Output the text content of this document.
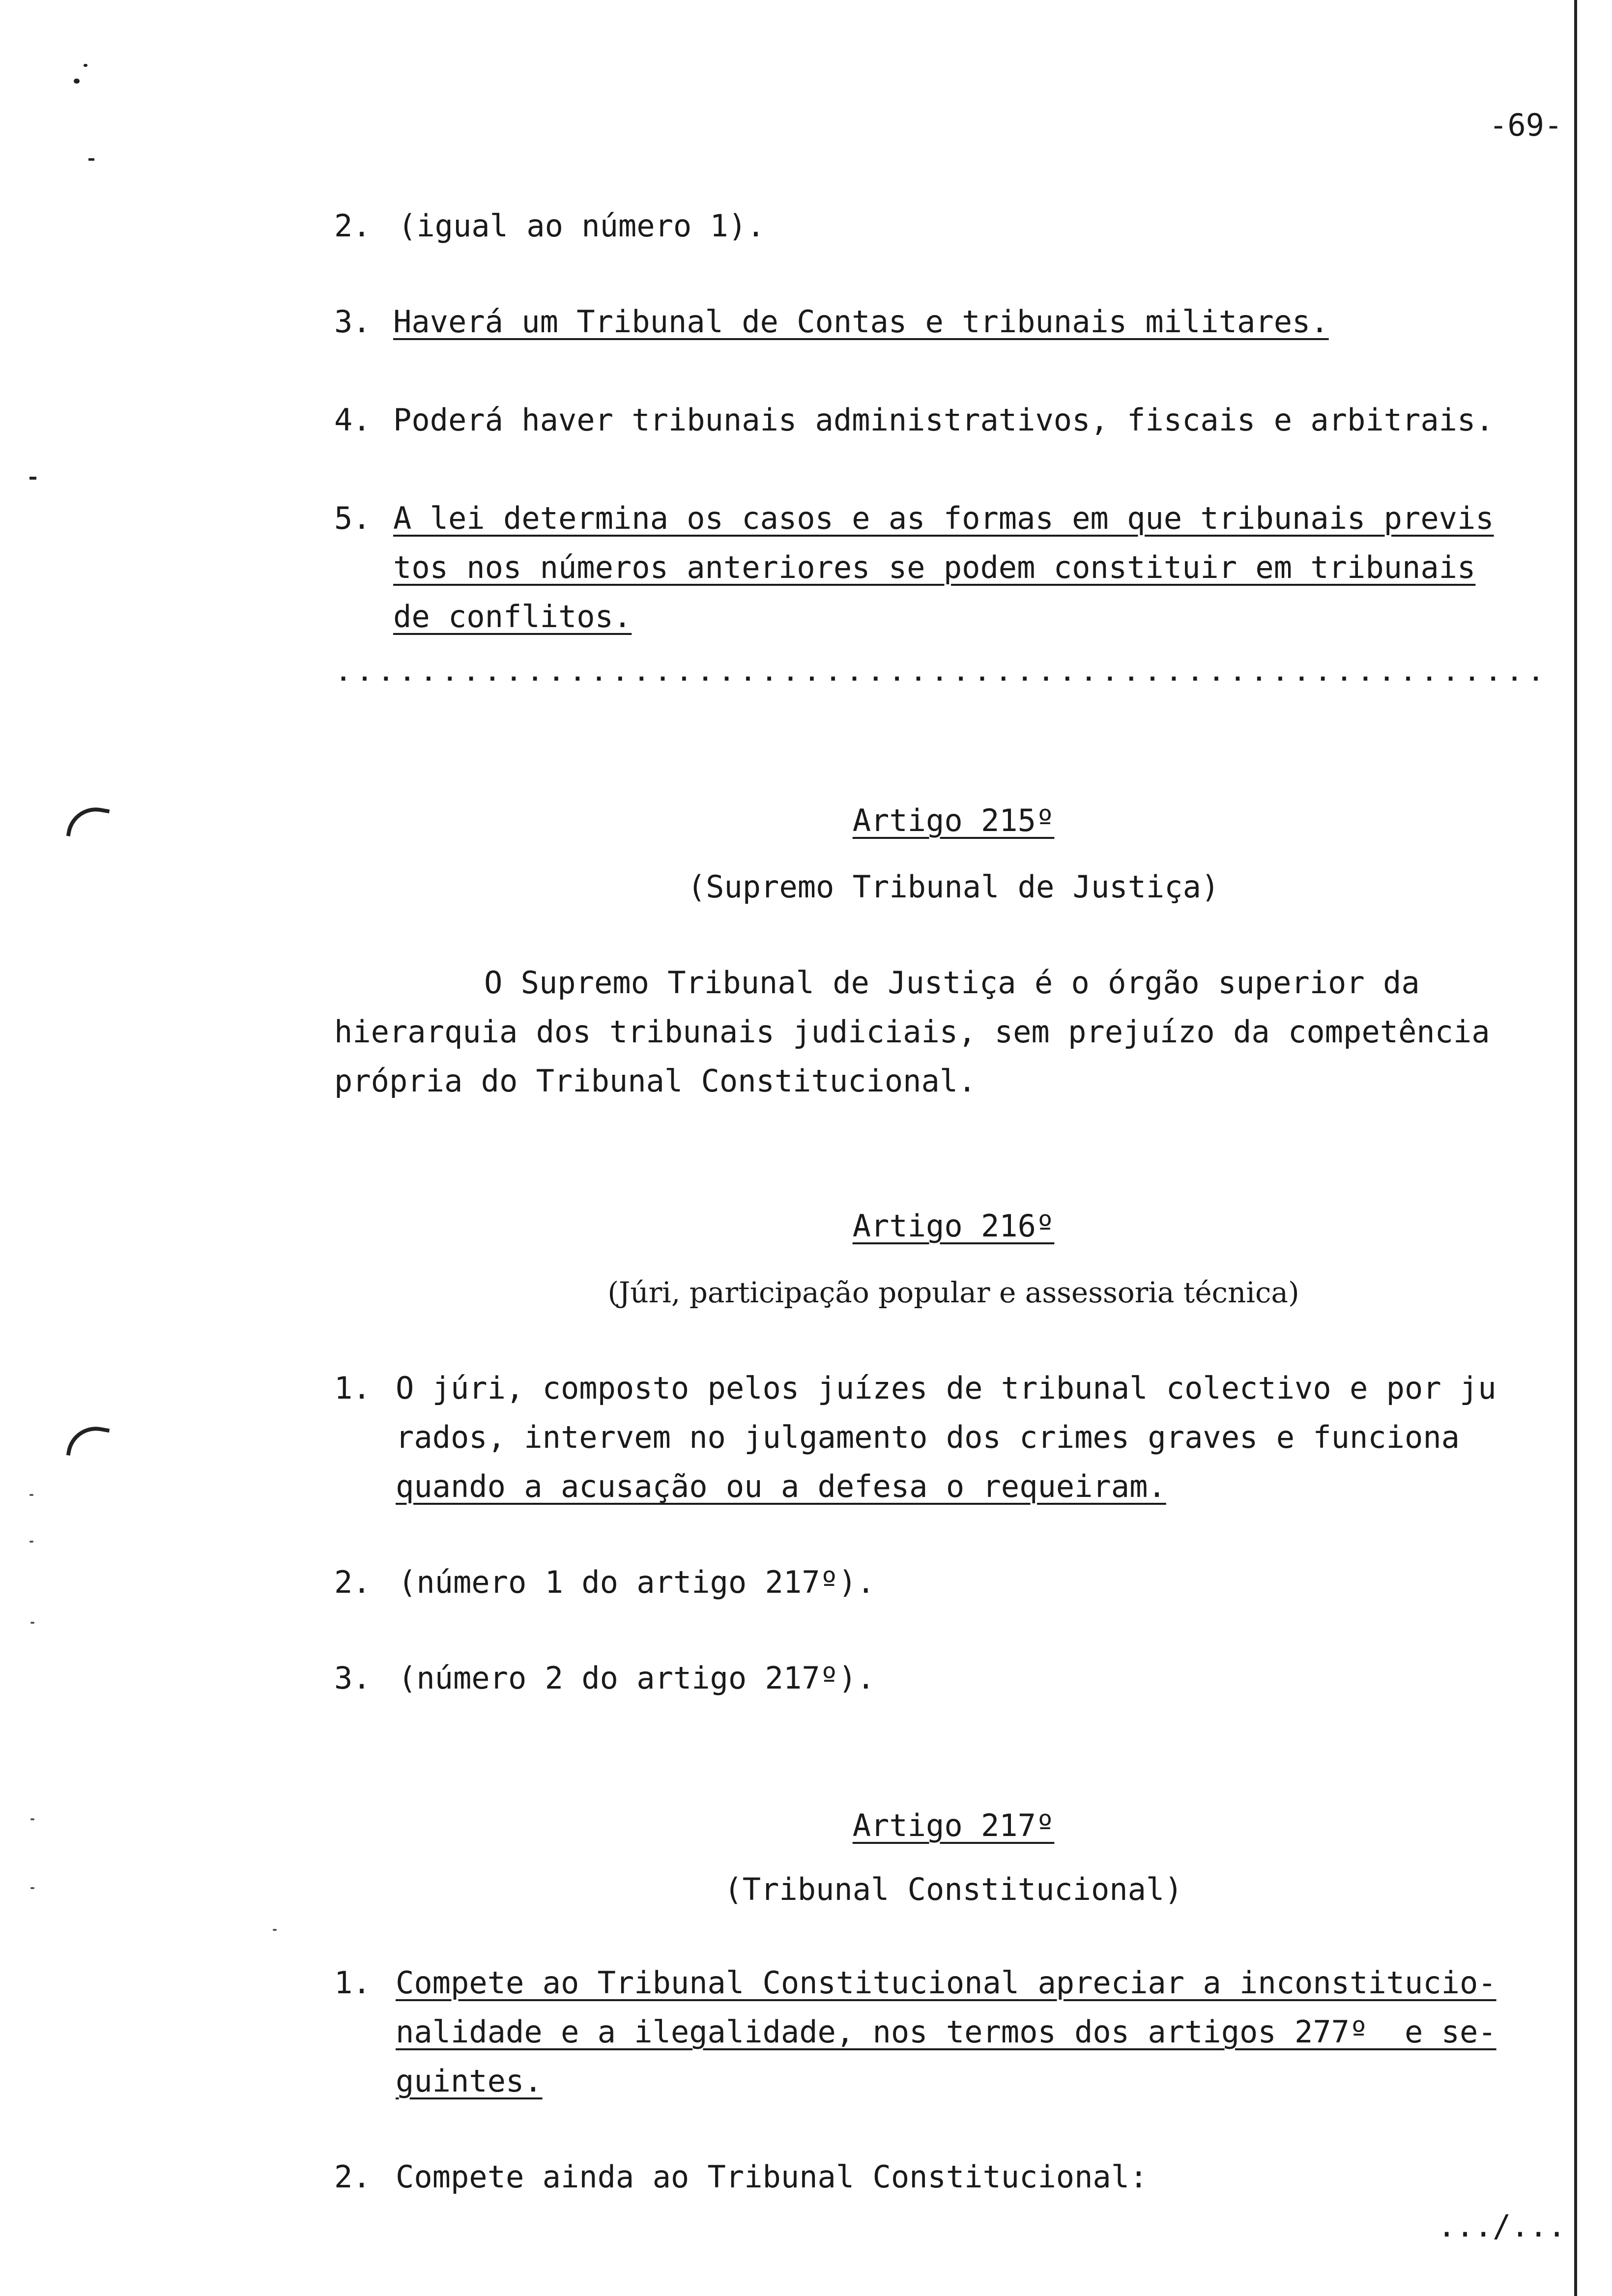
-69-
2. (igual ao número 1).
3. Haverá um Tribunal de Contas e tribunais militares.
4. Poderá haver tribunais administrativos, fiscais e arbitrais.
5. A lei determina os casos e as formas em que tribunais previs
tos nos números anteriores se podem constituir em tribunais
de conflitos.
.........................................................
Artigo 215º
(Supremo Tribunal de Justiça)
O Supremo Tribunal de Justiça é o órgão superior da
hierarquia dos tribunais judiciais, sem prejuízo da competência
própria do Tribunal Constitucional.
Artigo 216º
(Júri, participação popular e assessoria técnica)
1. O júri, composto pelos juízes de tribunal colectivo e por ju
rados, intervem no julgamento dos crimes graves e funciona
quando a acusação ou a defesa o requeiram.
2. (número 1 do artigo 217º).
3. (número 2 do artigo 217º).
Artigo 217º
(Tribunal Constitucional)
1. Compete ao Tribunal Constitucional apreciar a inconstitucio-
nalidade e a ilegalidade, nos termos dos artigos 277º  e se-
guintes.
2. Compete ainda ao Tribunal Constitucional:
.../...
